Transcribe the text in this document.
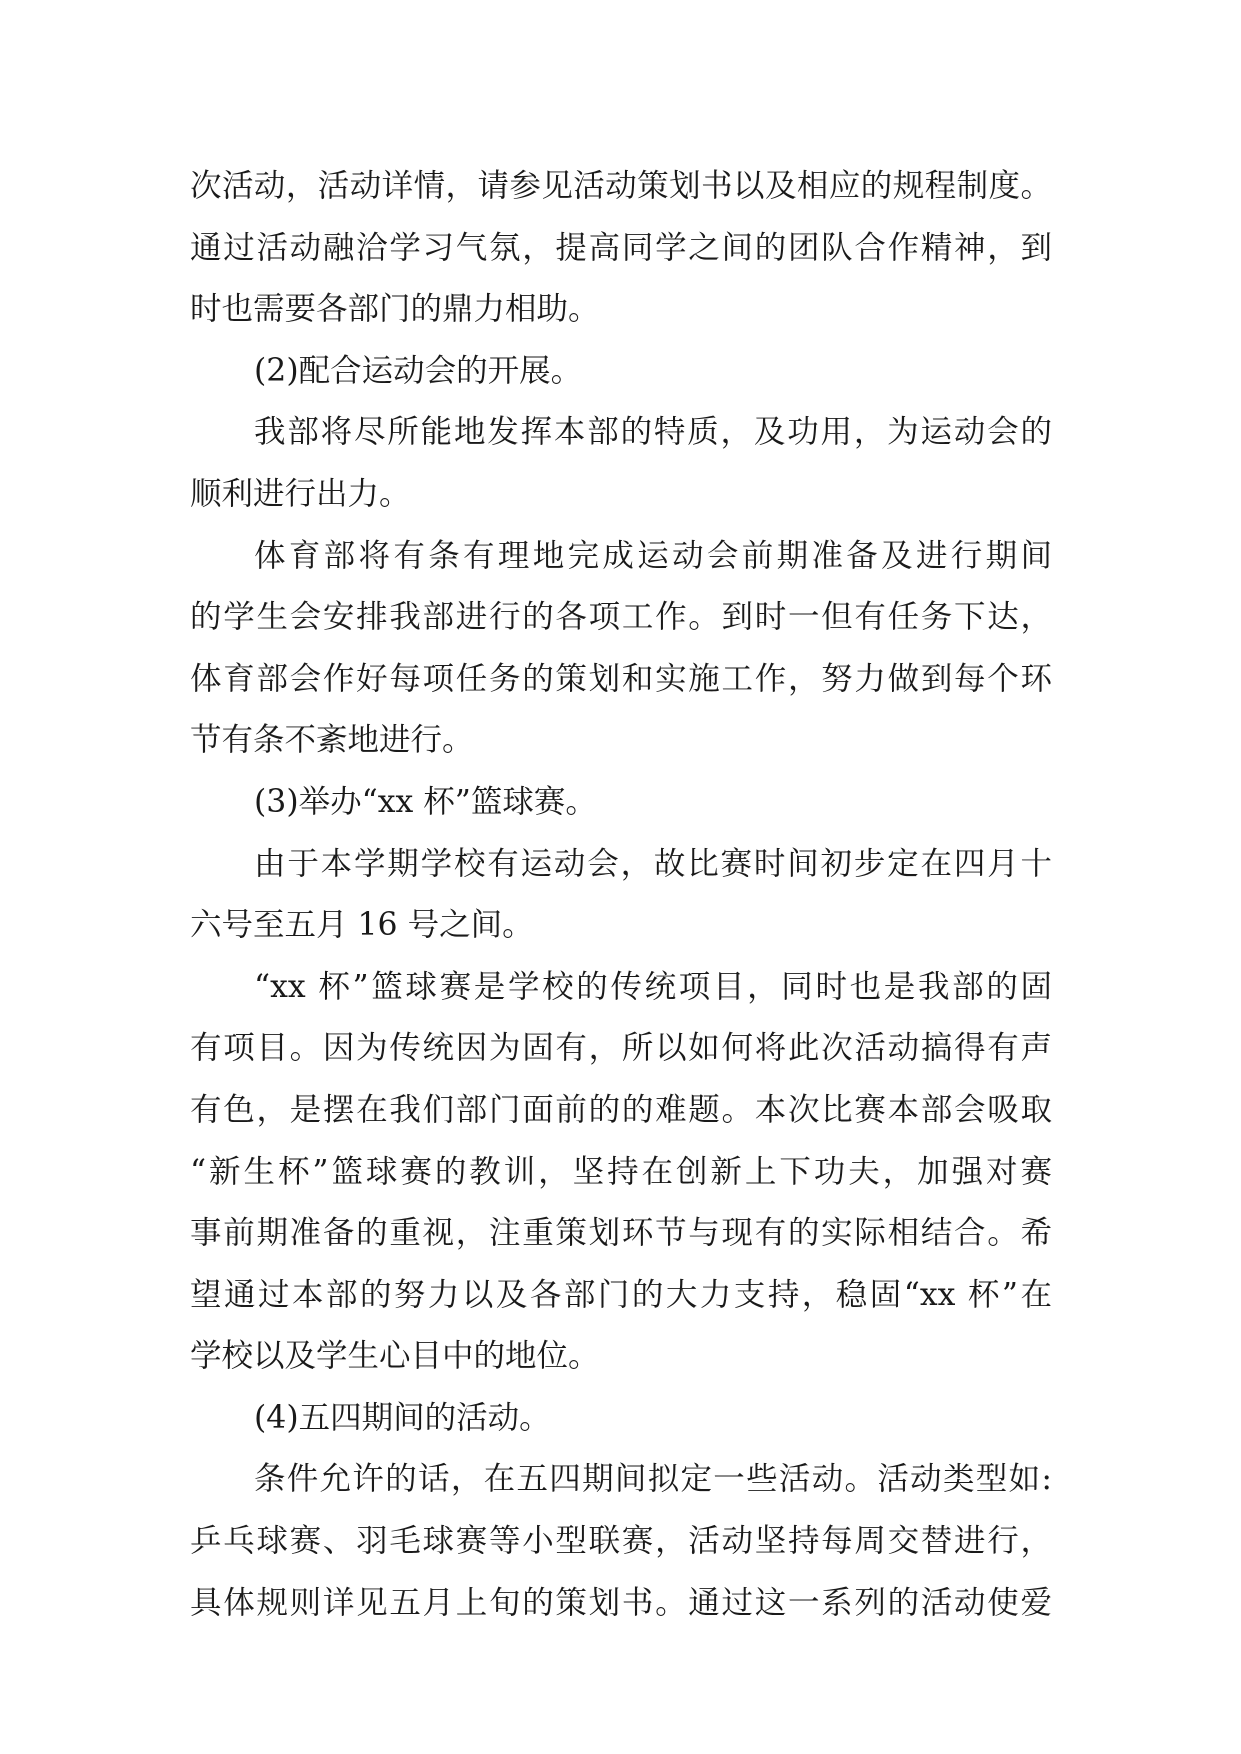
次活动，活动详情，请参见活动策划书以及相应的规程制度。
通过活动融洽学习气氛，提高同学之间的团队合作精神，到
时也需要各部门的鼎力相助。
(2)配合运动会的开展。
我部将尽所能地发挥本部的特质，及功用，为运动会的
顺利进行出力。
体育部将有条有理地完成运动会前期准备及进行期间
的学生会安排我部进行的各项工作。到时一但有任务下达，
体育部会作好每项任务的策划和实施工作，努力做到每个环
节有条不紊地进行。
(3)举办“xx 杯”篮球赛。
由于本学期学校有运动会，故比赛时间初步定在四月十
六号至五月 16 号之间。
“xx 杯”篮球赛是学校的传统项目，同时也是我部的固
有项目。因为传统因为固有，所以如何将此次活动搞得有声
有色，是摆在我们部门面前的的难题。本次比赛本部会吸取
“新生杯”篮球赛的教训，坚持在创新上下功夫，加强对赛
事前期准备的重视，注重策划环节与现有的实际相结合。希
望通过本部的努力以及各部门的大力支持，稳固“xx 杯”在
学校以及学生心目中的地位。
(4)五四期间的活动。
条件允许的话，在五四期间拟定一些活动。活动类型如:
乒乓球赛、羽毛球赛等小型联赛，活动坚持每周交替进行，
具体规则详见五月上旬的策划书。通过这一系列的活动使爱
